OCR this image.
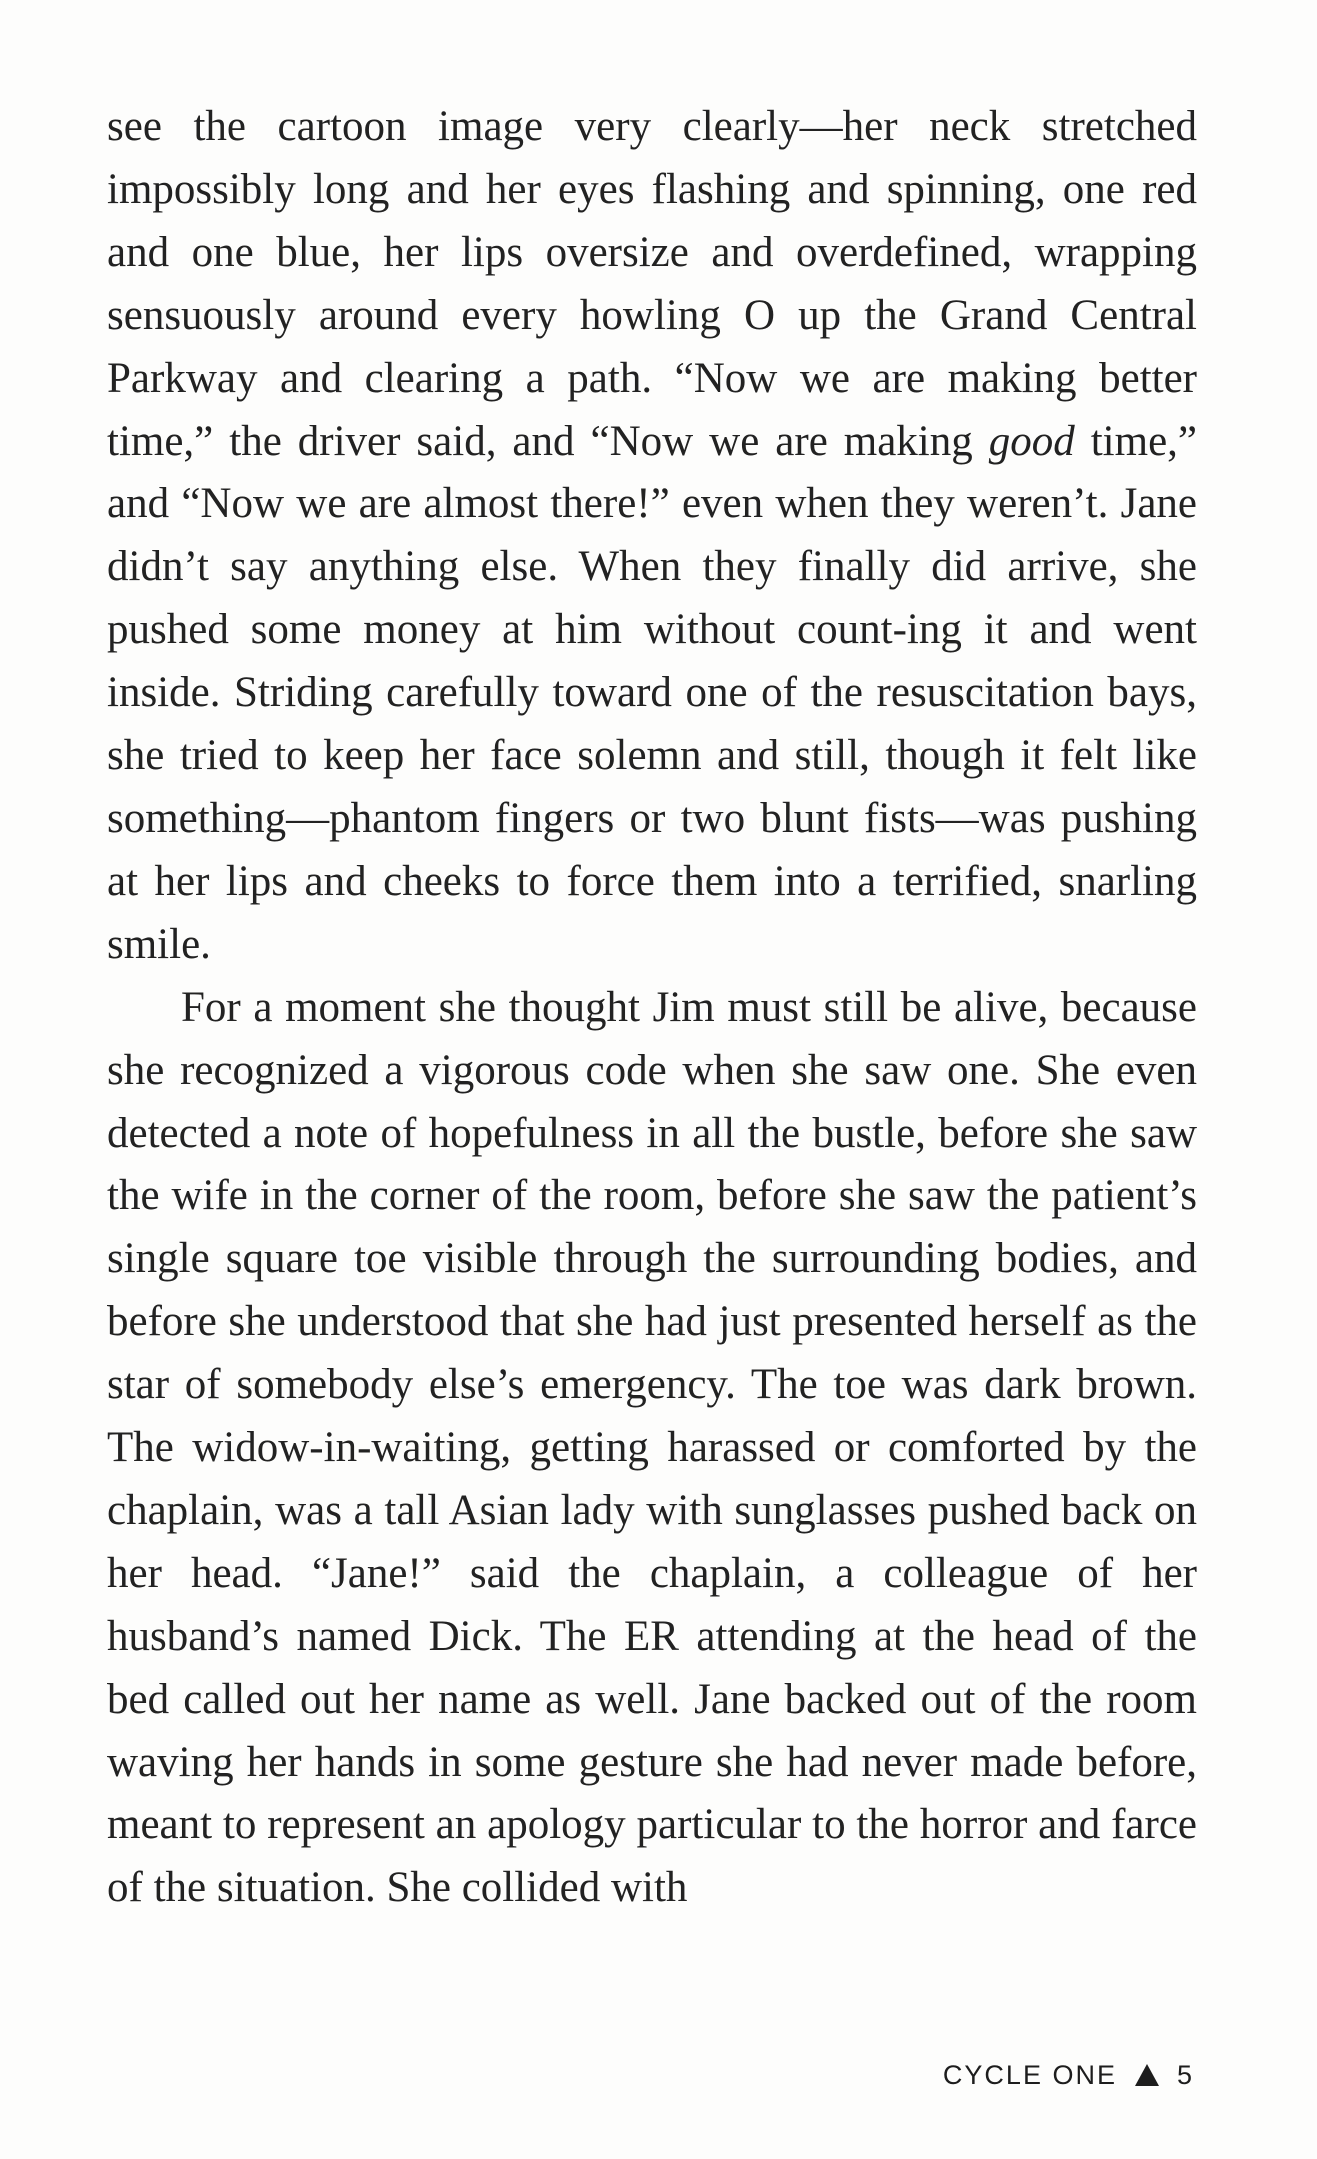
see the cartoon image very clearly—her neck stretched impossibly long and her eyes flashing and spinning, one red and one blue, her lips oversize and overdefined, wrapping sensuously around every howling O up the Grand Central Parkway and clearing a path. “Now we are making better time,” the driver said, and “Now we are making good time,” and “Now we are almost there!” even when they weren’t. Jane didn’t say anything else. When they finally did arrive, she pushed some money at him without count-ing it and went inside. Striding carefully toward one of the resuscitation bays, she tried to keep her face solemn and still, though it felt like something—phantom fingers or two blunt fists—was pushing at her lips and cheeks to force them into a terrified, snarling smile.

For a moment she thought Jim must still be alive, because she recognized a vigorous code when she saw one. She even detected a note of hopefulness in all the bustle, before she saw the wife in the corner of the room, before she saw the patient’s single square toe visible through the surrounding bodies, and before she understood that she had just presented herself as the star of somebody else’s emergency. The toe was dark brown. The widow-in-waiting, getting harassed or comforted by the chaplain, was a tall Asian lady with sunglasses pushed back on her head. “Jane!” said the chaplain, a colleague of her husband’s named Dick. The ER attending at the head of the bed called out her name as well. Jane backed out of the room waving her hands in some gesture she had never made before, meant to represent an apology particular to the horror and farce of the situation. She collided with

CYCLE ONE 5
